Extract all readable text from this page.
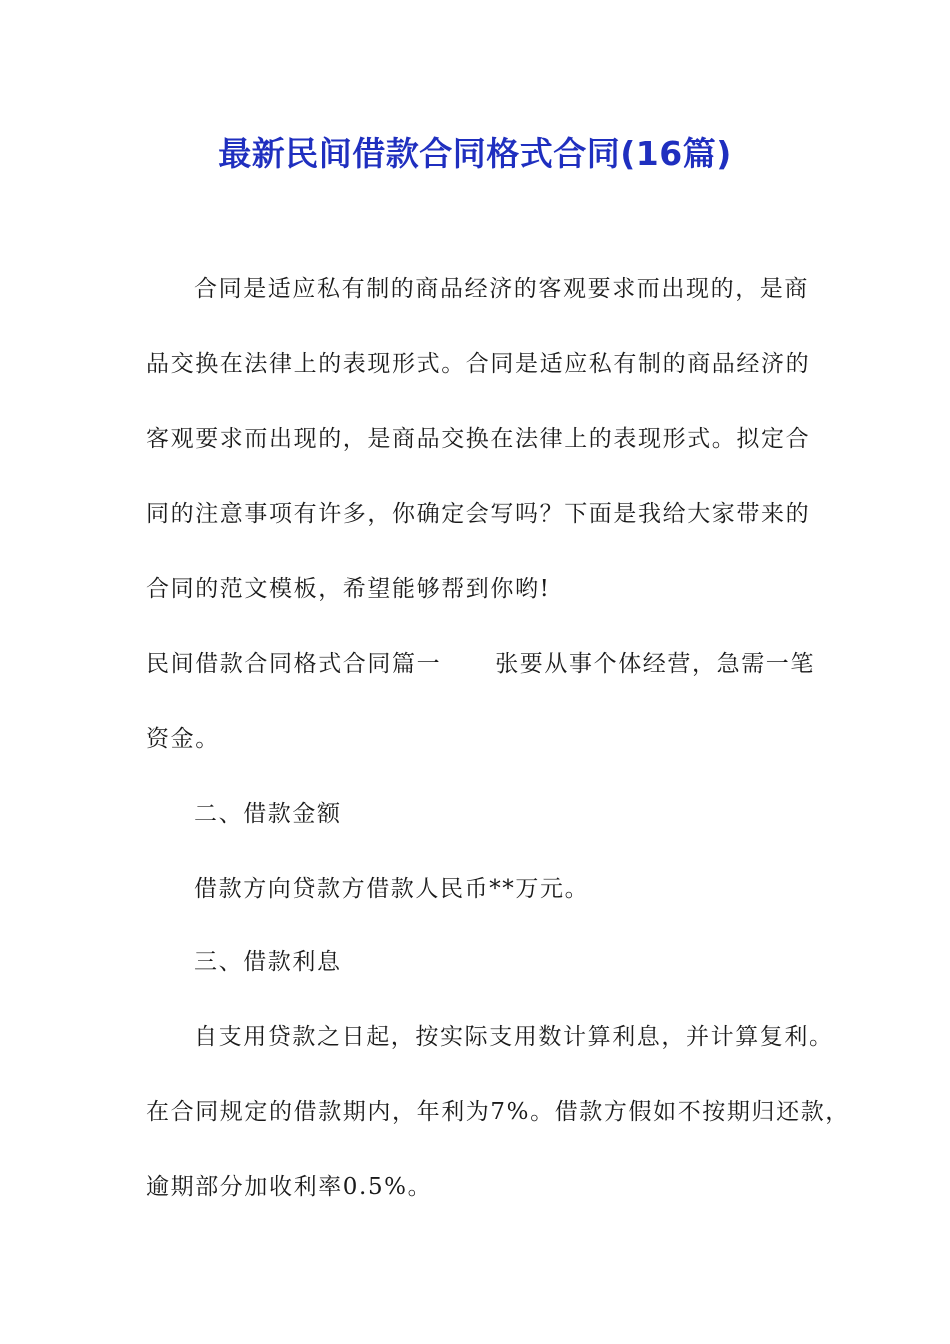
最新民间借款合同格式合同(16篇)

合同是适应私有制的商品经济的客观要求而出现的，是商

品交换在法律上的表现形式。合同是适应私有制的商品经济的

客观要求而出现的，是商品交换在法律上的表现形式。拟定合

同的注意事项有许多，你确定会写吗？下面是我给大家带来的

合同的范文模板，希望能够帮到你哟!

民间借款合同格式合同篇一 张要从事个体经营，急需一笔

资金。

二、借款金额

借款方向贷款方借款人民币**万元。

三、借款利息

自支用贷款之日起，按实际支用数计算利息，并计算复利。

在合同规定的借款期内，年利为7%。借款方假如不按期归还款，

逾期部分加收利率0.5%。
